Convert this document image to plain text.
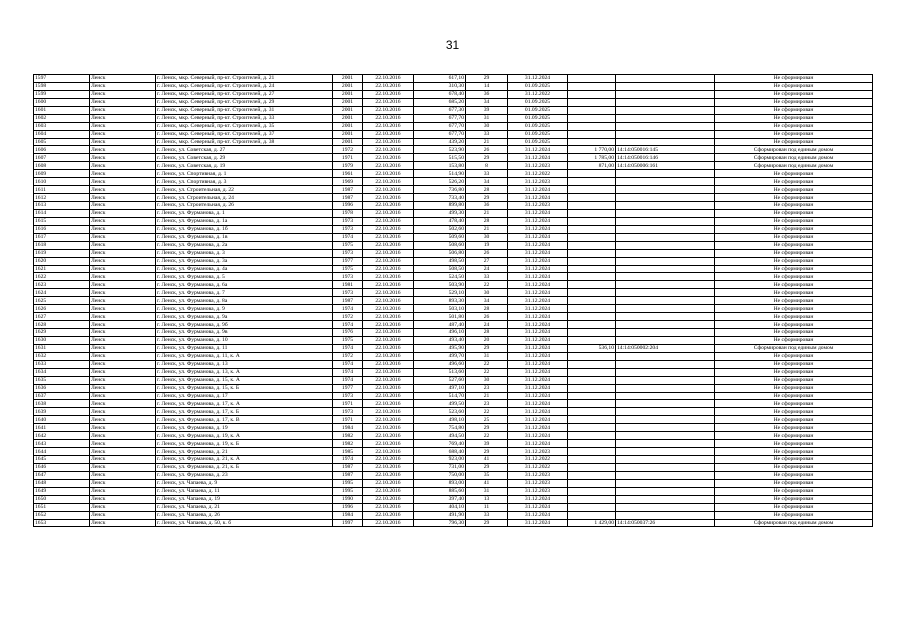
31
1597	Ленск	г. Ленск, мкр. Северный, пр-кт. Строителей, д. 21	2001	22.10.2016	617,10	29	31.12.2024			Не сформирован
1598	Ленск	г. Ленск, мкр. Северный, пр-кт. Строителей, д. 24	2001	22.10.2016	310,30	14	01.09.2025			Не сформирован
1599	Ленск	г. Ленск, мкр. Северный, пр-кт. Строителей, д. 27	2001	22.10.2016	678,40	36	31.12.2022			Не сформирован
1600	Ленск	г. Ленск, мкр. Северный, пр-кт. Строителей, д. 29	2001	22.10.2016	685,20	34	01.09.2025			Не сформирован
1601	Ленск	г. Ленск, мкр. Северный, пр-кт. Строителей, д. 31	2001	22.10.2016	677,30	39	01.09.2025			Не сформирован
1602	Ленск	г. Ленск, мкр. Северный, пр-кт. Строителей, д. 33	2001	22.10.2016	677,70	31	01.09.2025			Не сформирован
1603	Ленск	г. Ленск, мкр. Северный, пр-кт. Строителей, д. 35	2001	22.10.2016	677,70	30	01.09.2025			Не сформирован
1604	Ленск	г. Ленск, мкр. Северный, пр-кт. Строителей, д. 37	2001	22.10.2016	677,70	33	01.09.2025			Не сформирован
1605	Ленск	г. Ленск, мкр. Северный, пр-кт. Строителей, д. 38	2001	22.10.2016	439,20	21	01.09.2025			Не сформирован
1606	Ленск	г. Ленск, ул. Советская, д. 27	1972	22.10.2016	523,90	26	31.12.2024	1 770,00	14:14:050016:145	Сформирован под единым домом
1607	Ленск	г. Ленск, ул. Советская, д. 29	1971	22.10.2016	515,50	29	31.12.2024	1 785,00	14:14:050016:146	Сформирован под единым домом
1608	Ленск	г. Ленск, ул. Советская, д. 19	1979	22.10.2016	153,80	8	31.12.2023	871,00	14:14:050006:161	Сформирован под единым домом
1609	Ленск	г. Ленск, ул. Спортивная, д. 1	1961	22.10.2016	514,90	33	31.12.2022			Не сформирован
1610	Ленск	г. Ленск, ул. Спортивная, д. 3	1969	22.10.2016	526,20	34	31.12.2023			Не сформирован
1611	Ленск	г. Ленск, ул. Строительная, д. 22	1987	22.10.2016	736,80	28	31.12.2024			Не сформирован
1612	Ленск	г. Ленск, ул. Строительная, д. 24	1987	22.10.2016	733,40	29	31.12.2024			Не сформирован
1613	Ленск	г. Ленск, ул. Строительная, д. 26	1996	22.10.2016	899,80	36	31.12.2023			Не сформирован
1614	Ленск	г. Ленск, ул. Фурманова, д. 1	1978	22.10.2016	499,30	21	31.12.2024			Не сформирован
1615	Ленск	г. Ленск, ул. Фурманова, д. 1а	1973	22.10.2016	478,40	28	31.12.2024			Не сформирован
1616	Ленск	г. Ленск, ул. Фурманова, д. 1б	1973	22.10.2016	502,60	21	31.12.2024			Не сформирован
1617	Ленск	г. Ленск, ул. Фурманова, д. 1в	1974	22.10.2016	509,60	30	31.12.2024			Не сформирован
1618	Ленск	г. Ленск, ул. Фурманова, д. 2а	1975	22.10.2016	508,60	19	31.12.2024			Не сформирован
1619	Ленск	г. Ленск, ул. Фурманова, д. 3	1973	22.10.2016	506,80	26	31.12.2024			Не сформирован
1620	Ленск	г. Ленск, ул. Фурманова, д. 3а	1977	22.10.2016	498,50	27	31.12.2024			Не сформирован
1621	Ленск	г. Ленск, ул. Фурманова, д. 4а	1975	22.10.2016	508,50	24	31.12.2024			Не сформирован
1622	Ленск	г. Ленск, ул. Фурманова, д. 5	1973	22.10.2016	524,50	33	31.12.2024			Не сформирован
1623	Ленск	г. Ленск, ул. Фурманова, д. 6а	1981	22.10.2016	503,90	22	31.12.2024			Не сформирован
1624	Ленск	г. Ленск, ул. Фурманова, д. 7	1973	22.10.2016	529,10	30	31.12.2024			Не сформирован
1625	Ленск	г. Ленск, ул. Фурманова, д. 8а	1987	22.10.2016	893,30	34	31.12.2024			Не сформирован
1626	Ленск	г. Ленск, ул. Фурманова, д. 9	1974	22.10.2016	503,10	28	31.12.2024			Не сформирован
1627	Ленск	г. Ленск, ул. Фурманова, д. 9а	1972	22.10.2016	501,80	26	31.12.2024			Не сформирован
1628	Ленск	г. Ленск, ул. Фурманова, д. 9б	1974	22.10.2016	487,40	24	31.12.2024			Не сформирован
1629	Ленск	г. Ленск, ул. Фурманова, д. 9в	1976	22.10.2016	496,10	28	31.12.2024			Не сформирован
1630	Ленск	г. Ленск, ул. Фурманова, д. 10	1975	22.10.2016	493,40	20	31.12.2024			Не сформирован
1631	Ленск	г. Ленск, ул. Фурманова, д. 11	1974	22.10.2016	495,90	29	31.12.2024	536,10	14:14:050002:204	Сформирован под единым домом
1632	Ленск	г. Ленск, ул. Фурманова, д. 11, к. А	1972	22.10.2016	499,70	31	31.12.2024			Не сформирован
1633	Ленск	г. Ленск, ул. Фурманова, д. 13	1974	22.10.2016	496,60	22	31.12.2024			Не сформирован
1634	Ленск	г. Ленск, ул. Фурманова, д. 13, к. А	1974	22.10.2016	513,60	22	31.12.2024			Не сформирован
1635	Ленск	г. Ленск, ул. Фурманова, д. 15, к. А	1974	22.10.2016	527,60	30	31.12.2024			Не сформирован
1636	Ленск	г. Ленск, ул. Фурманова, д. 15, к. Б	1977	22.10.2016	497,10	23	31.12.2024			Не сформирован
1637	Ленск	г. Ленск, ул. Фурманова, д. 17	1973	22.10.2016	514,70	21	31.12.2024			Не сформирован
1638	Ленск	г. Ленск, ул. Фурманова, д. 17, к. А	1971	22.10.2016	499,50	23	31.12.2024			Не сформирован
1639	Ленск	г. Ленск, ул. Фурманова, д. 17, к. Б	1973	22.10.2016	523,60	22	31.12.2024			Не сформирован
1640	Ленск	г. Ленск, ул. Фурманова, д. 17, к. В	1971	22.10.2016	498,10	25	31.12.2024			Не сформирован
1641	Ленск	г. Ленск, ул. Фурманова, д. 19	1984	22.10.2016	754,80	29	31.12.2024			Не сформирован
1642	Ленск	г. Ленск, ул. Фурманова, д. 19, к. А	1982	22.10.2016	494,50	22	31.12.2024			Не сформирован
1643	Ленск	г. Ленск, ул. Фурманова, д. 19, к. Б	1982	22.10.2016	769,40	39	31.12.2024			Не сформирован
1644	Ленск	г. Ленск, ул. Фурманова, д. 21	1985	22.10.2016	688,40	29	31.12.2023			Не сформирован
1645	Ленск	г. Ленск, ул. Фурманова, д. 21, к. А	1974	22.10.2016	923,00	41	31.12.2022			Не сформирован
1646	Ленск	г. Ленск, ул. Фурманова, д. 21, к. Б	1987	22.10.2016	731,00	29	31.12.2022			Не сформирован
1647	Ленск	г. Ленск, ул. Фурманова, д. 23	1987	22.10.2016	750,00	35	31.12.2023			Не сформирован
1648	Ленск	г. Ленск, ул. Чапаева, д. 9	1995	22.10.2016	893,00	41	31.12.2023			Не сформирован
1649	Ленск	г. Ленск, ул. Чапаева, д. 11	1995	22.10.2016	885,60	31	31.12.2023			Не сформирован
1650	Ленск	г. Ленск, ул. Чапаева, д. 19	1990	22.10.2016	397,40	13	31.12.2024			Не сформирован
1651	Ленск	г. Ленск, ул. Чапаева, д. 21	1996	22.10.2016	404,10	11	31.12.2024			Не сформирован
1652	Ленск	г. Ленск, ул. Чапаева, д. 26	1984	22.10.2016	491,90	33	31.12.2024			Не сформирован
1653	Ленск	г. Ленск, ул. Чапаева, д. 50, к. б	1997	22.10.2016	796,30	29	31.12.2024	1 429,00	14:14:050037:26	Сформирован под единым домом
